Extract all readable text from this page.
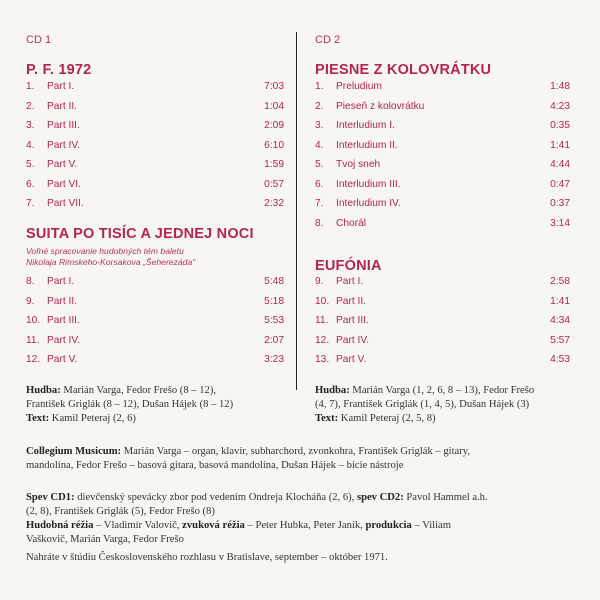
CD 1
P. F. 1972
1. Part I.	7:03
2. Part II.	1:04
3. Part III.	2:09
4. Part IV.	6:10
5. Part V.	1:59
6. Part VI.	0:57
7. Part VII.	2:32
SUITA PO TISÍC A JEDNEJ NOCI
Voľné spracovanie hudobných tém baletu
Nikolaja Rimskeho-Korsakova „Šeherezáda"
8. Part I.	5:48
9. Part II.	5:18
10. Part III.	5:53
11. Part IV.	2:07
12. Part V.	3:23
CD 2
PIESNE Z KOLOVRÁTKU
1. Preludium	1:48
2. Pieseň z kolovrátku	4:23
3. Interludium I.	0:35
4. Interludium II.	1:41
5. Tvoj sneh	4:44
6. Interludium III.	0:47
7. Interludium IV.	0:37
8. Chorál	3:14
EUFÓNIA
9. Part I.	2:58
10. Part II.	1:41
11. Part III.	4:34
12. Part IV.	5:57
13. Part V.	4:53
Hudba: Marián Varga, Fedor Frešo (8 – 12),
František Griglák (8 – 12), Dušan Hájek (8 – 12)
Text: Kamil Peteraj (2, 6)
Hudba: Marián Varga (1, 2, 6, 8 – 13), Fedor Frešo
(4, 7), František Griglák (1, 4, 5), Dušan Hájek (3)
Text: Kamil Peteraj (2, 5, 8)
Collegium Musicum: Marián Varga – organ, klavír, subharchord, zvonkohra, František Griglák – gitary,
mandolína, Fedor Frešo – basová gitara, basová mandolína, Dušan Hájek – bicie nástroje
Spev CD1: dievčenský spevácky zbor pod vedením Ondreja Klocháňa (2, 6), spev CD2: Pavol Hammel a.h.
(2, 8), František Griglák (5), Fedor Frešo (8)
Hudobná réžia – Vladimír Valovič, zvuková réžia – Peter Hubka, Peter Janík, produkcia – Viliam
Vaškovič, Marián Varga, Fedor Frešo
Nahráte v štúdiu Československého rozhlasu v Bratislave, september – október 1971.
